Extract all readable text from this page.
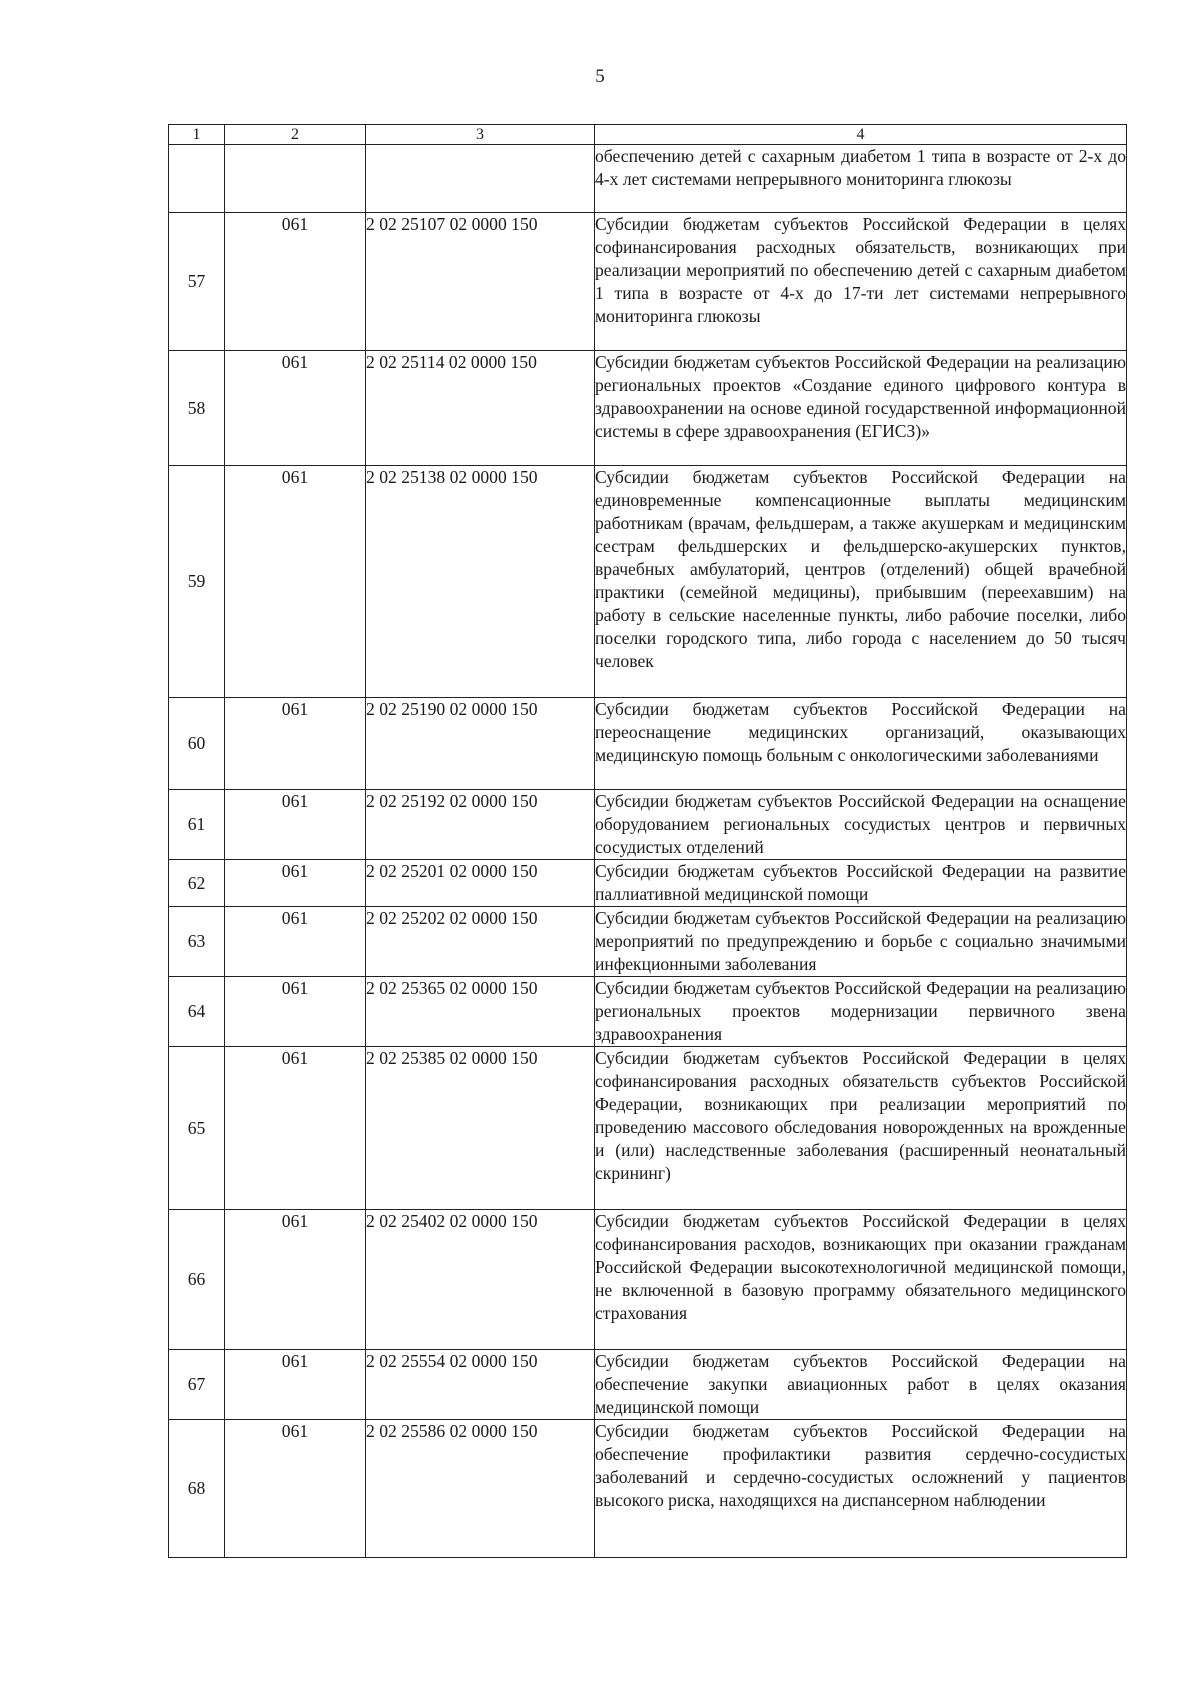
5
1	2	3	4
			обеспечению детей с сахарным диабетом 1 типа в возрасте от 2-х до 4-х лет системами непрерывного мониторинга глюкозы
57	061	2 02 25107 02 0000 150	Субсидии бюджетам субъектов Российской Федерации в целях софинансирования расходных обязательств, возникающих при реализации мероприятий по обеспечению детей с сахарным диабетом 1 типа в возрасте от 4-х до 17-ти лет системами непрерывного мониторинга глюкозы
58	061	2 02 25114 02 0000 150	Субсидии бюджетам субъектов Российской Федерации на реализацию региональных проектов «Создание единого цифрового контура в здравоохранении на основе единой государственной информационной системы в сфере здравоохранения (ЕГИСЗ)»
59	061	2 02 25138 02 0000 150	Субсидии бюджетам субъектов Российской Федерации на единовременные компенсационные выплаты медицинским работникам (врачам, фельдшерам, а также акушеркам и медицинским сестрам фельдшерских и фельдшерско-акушерских пунктов, врачебных амбулаторий, центров (отделений) общей врачебной практики (семейной медицины), прибывшим (переехавшим) на работу в сельские населенные пункты, либо рабочие поселки, либо поселки городского типа, либо города с населением до 50 тысяч человек
60	061	2 02 25190 02 0000 150	Субсидии бюджетам субъектов Российской Федерации на переоснащение медицинских организаций, оказывающих медицинскую помощь больным с онкологическими заболеваниями
61	061	2 02 25192 02 0000 150	Субсидии бюджетам субъектов Российской Федерации на оснащение оборудованием региональных сосудистых центров и первичных сосудистых отделений
62	061	2 02 25201 02 0000 150	Субсидии бюджетам субъектов Российской Федерации на развитие паллиативной медицинской помощи
63	061	2 02 25202 02 0000 150	Субсидии бюджетам субъектов Российской Федерации на реализацию мероприятий по предупреждению и борьбе с социально значимыми инфекционными заболевания
64	061	2 02 25365 02 0000 150	Субсидии бюджетам субъектов Российской Федерации на реализацию региональных проектов модернизации первичного звена здравоохранения
65	061	2 02 25385 02 0000 150	Субсидии бюджетам субъектов Российской Федерации в целях софинансирования расходных обязательств субъектов Российской Федерации, возникающих при реализации мероприятий по проведению массового обследования новорожденных на врожденные и (или) наследственные заболевания (расширенный неонатальный скрининг)
66	061	2 02 25402 02 0000 150	Субсидии бюджетам субъектов Российской Федерации в целях софинансирования расходов, возникающих при оказании гражданам Российской Федерации высокотехнологичной медицинской помощи, не включенной в базовую программу обязательного медицинского страхования
67	061	2 02 25554 02 0000 150	Субсидии бюджетам субъектов Российской Федерации на обеспечение закупки авиационных работ в целях оказания медицинской помощи
68	061	2 02 25586 02 0000 150	Субсидии бюджетам субъектов Российской Федерации на обеспечение профилактики развития сердечно-сосудистых заболеваний и сердечно-сосудистых осложнений у пациентов высокого риска, находящихся на диспансерном наблюдении
